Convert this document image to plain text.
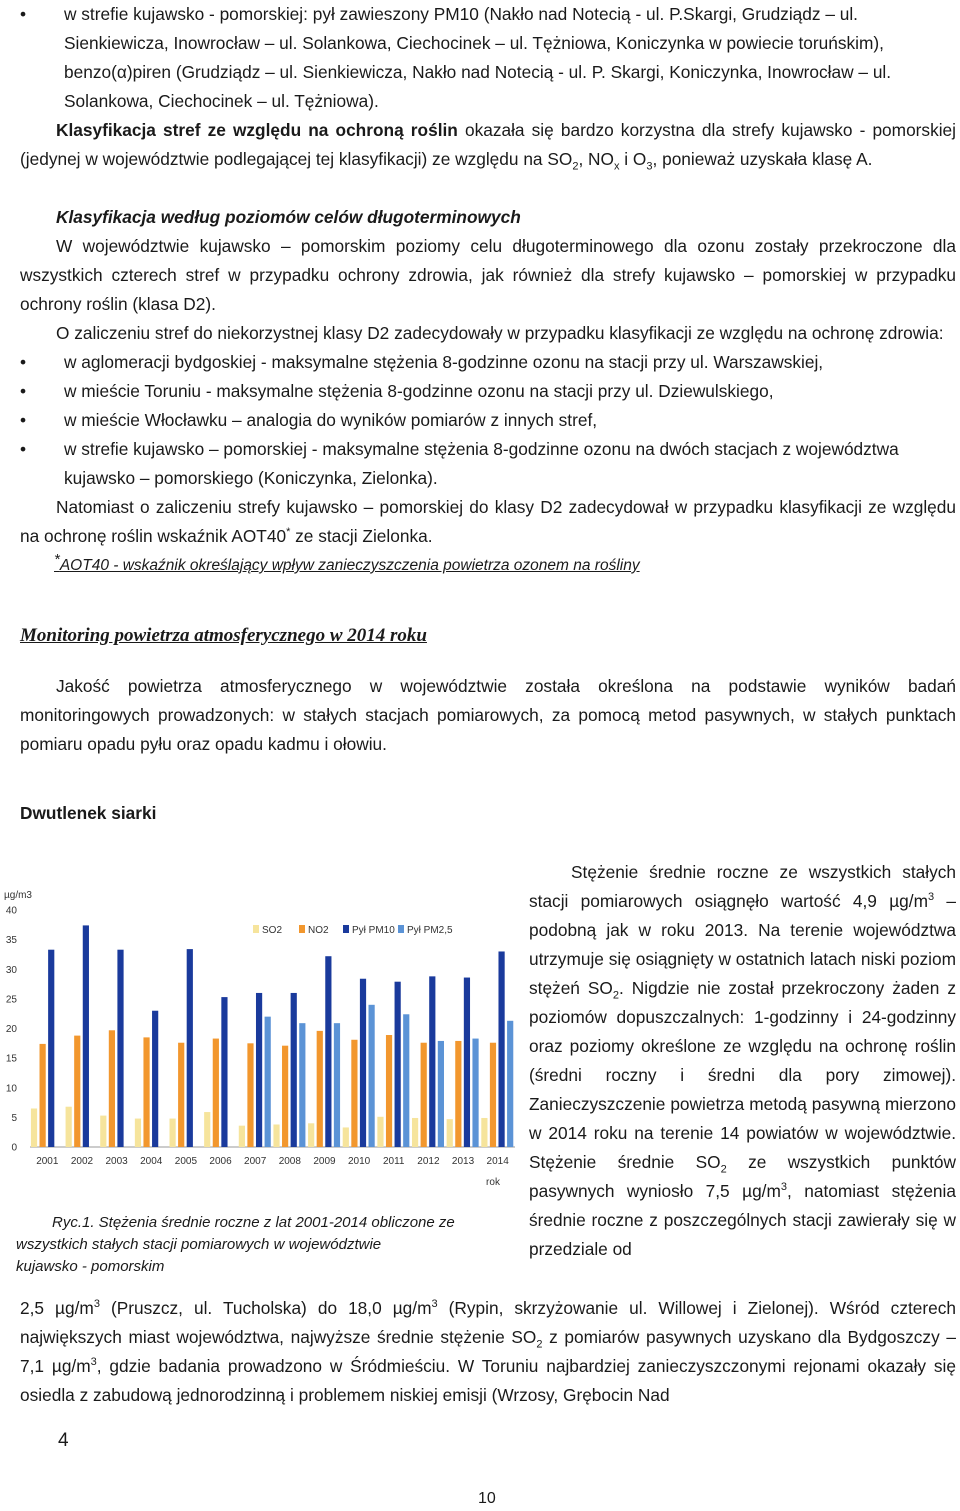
• w strefie kujawsko - pomorskiej: pył zawieszony PM10 (Nakło nad Notecią - ul. P.Skargi, Grudziądz – ul. Sienkiewicza, Inowrocław – ul. Solankowa, Ciechocinek – ul. Tężniowa, Koniczynka w powiecie toruńskim), benzo(α)piren (Grudziądz – ul. Sienkiewicza, Nakło nad Notecią - ul. P. Skargi, Koniczynka, Inowrocław – ul. Solankowa, Ciechocinek – ul. Tężniowa).

Klasyfikacja stref ze względu na ochroną roślin okazała się bardzo korzystna dla strefy kujawsko - pomorskiej (jedynej w województwie podlegającej tej klasyfikacji) ze względu na $SO_2$, $NO_x$ i $O_3$, ponieważ uzyskała klasę A.

Klasyfikacja według poziomów celów długoterminowych

W województwie kujawsko – pomorskim poziomy celu długoterminowego dla ozonu zostały przekroczone dla wszystkich czterech stref w przypadku ochrony zdrowia, jak również dla strefy kujawsko – pomorskiej w przypadku ochrony roślin (klasa D2).

O zaliczeniu stref do niekorzystnej klasy D2 zadecydowały w przypadku klasyfikacji ze względu na ochronę zdrowia:

• w aglomeracji bydgoskiej - maksymalne stężenia 8-godzinne ozonu na stacji przy ul. Warszawskiej,
• w mieście Toruniu - maksymalne stężenia 8-godzinne ozonu na stacji przy ul. Dziewulskiego,
• w mieście Włocławku – analogia do wyników pomiarów z innych stref,
• w strefie kujawsko – pomorskiej - maksymalne stężenia 8-godzinne ozonu na dwóch stacjach z województwa kujawsko – pomorskiego (Koniczynka, Zielonka).

Natomiast o zaliczeniu strefy kujawsko – pomorskiej do klasy D2 zadecydował w przypadku klasyfikacji ze względu na ochronę roślin wskaźnik AOT40* ze stacji Zielonka.

*AOT40 - wskaźnik określający wpływ zanieczyszczenia powietrza ozonem na rośliny

Monitoring powietrza atmosferycznego w 2014 roku

Jakość powietrza atmosferycznego w województwie została określona na podstawie wyników badań monitoringowych prowadzonych: w stałych stacjach pomiarowych, za pomocą metod pasywnych, w stałych punktach pomiaru opadu pyłu oraz opadu kadmu i ołowiu.

Dwutlenek siarki

µg/m3
0
5
10
15
20
25
30
35
40
2001 2002 2003 2004 2005 2006 2007 2008 2009 2010 2011 2012 2013 2014
SO2	NO2 Pył PM10 Pył PM2,5
rok
Ryc.1. Stężenia średnie roczne z lat 2001-2014 obliczone ze
wszystkich stałych stacji pomiarowych w województwie
kujawsko - pomorskim
Stężenie średnie roczne ze wszystkich stałych stacji pomiarowych osiągnęło wartość 4,9 $\mu g/m^3$ – podobną jak w roku 2013. Na terenie województwa utrzymuje się osiągnięty w ostatnich latach niski poziom stężeń $SO_2$. Nigdzie nie został przekroczony żaden z poziomów dopuszczalnych: 1-godzinny i 24-godzinny oraz poziomy określone ze względu na ochronę roślin (średni roczny i średni dla pory zimowej). Zanieczyszczenie powietrza metodą pasywną mierzono w 2014 roku na terenie 14 powiatów w województwie. Stężenie średnie $SO_2$ ze wszystkich punktów pasywnych wyniosło 7,5 $\mu g/m^3$, natomiast stężenia średnie roczne z poszczególnych stacji zawierały się w przedziale od
2,5 $\mu g/m^3$ (Pruszcz, ul. Tucholska) do 18,0 $\mu g/m^3$ (Rypin, skrzyżowanie ul. Willowej i Zielonej). Wśród czterech największych miast województwa, najwyższe średnie stężenie $SO_2$ z pomiarów pasywnych uzyskano dla Bydgoszczy – 7,1 $\mu g/m^3$, gdzie badania prowadzono w Śródmieściu. W Toruniu najbardziej zanieczyszczonymi rejonami okazały się osiedla z zabudową jednorodzinną i problemem niskiej emisji (Wrzosy, Grębocin Nad
4
10
